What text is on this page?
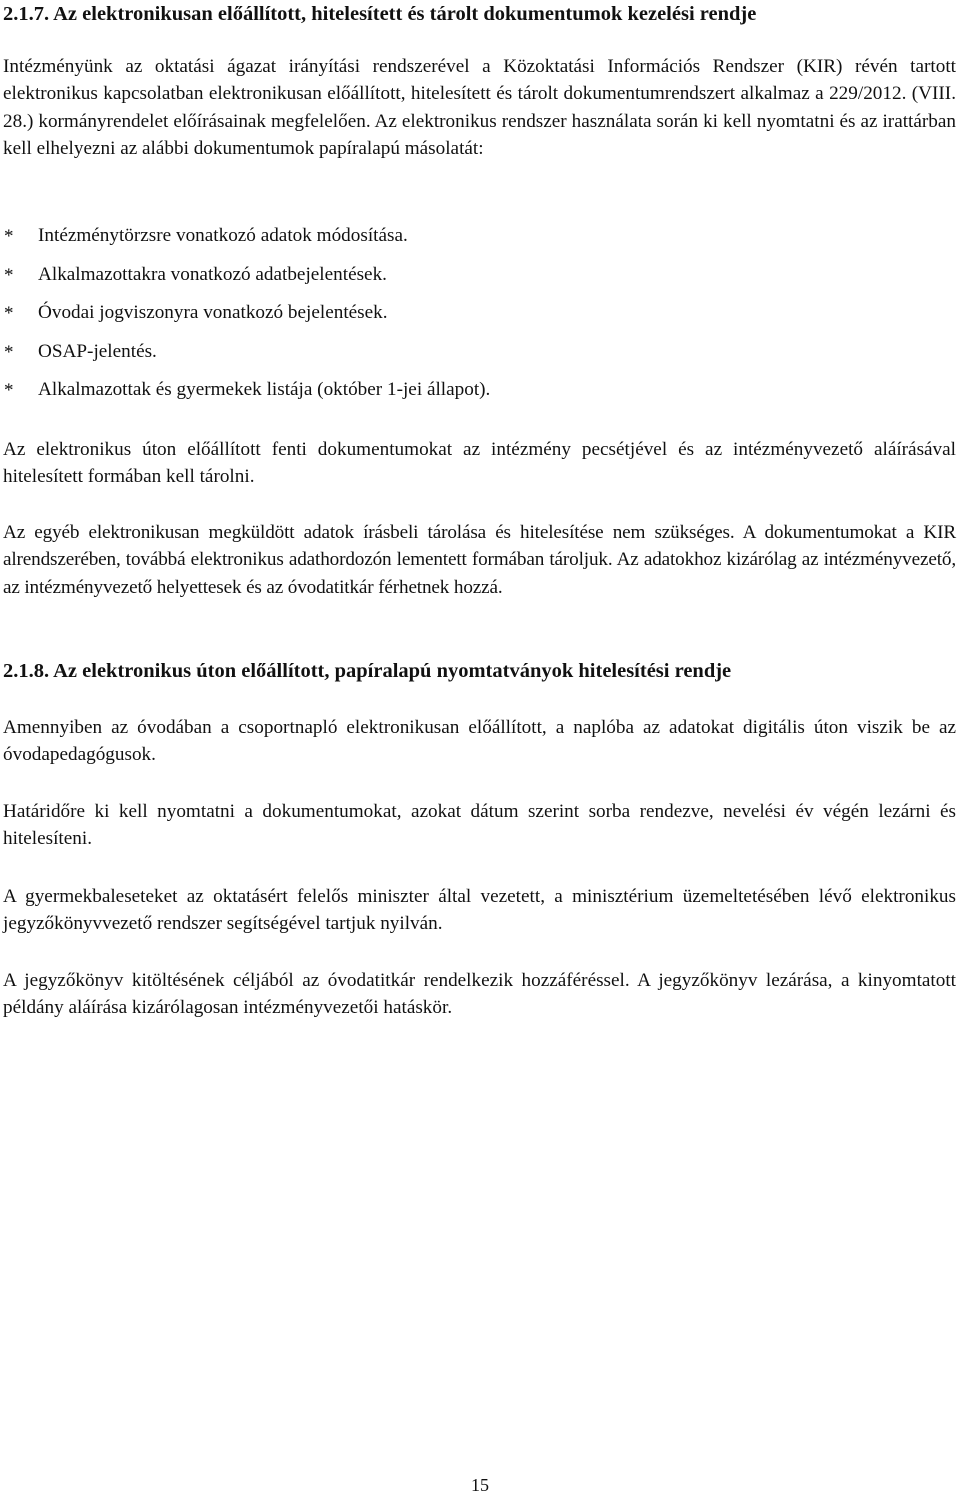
2.1.7. Az elektronikusan előállított, hitelesített és tárolt dokumentumok kezelési rendje

Intézményünk az oktatási ágazat irányítási rendszerével a Közoktatási Információs Rendszer (KIR) révén tartott elektronikus kapcsolatban elektronikusan előállított, hitelesített és tárolt dokumentumrendszert alkalmaz a 229/2012. (VIII. 28.) kormányrendelet előírásainak megfelelően. Az elektronikus rendszer használata során ki kell nyomtatni és az irattárban kell elhelyezni az alábbi dokumentumok papíralapú másolatát:

* Intézménytörzsre vonatkozó adatok módosítása.
* Alkalmazottakra vonatkozó adatbejelentések.
* Óvodai jogviszonyra vonatkozó bejelentések.
* OSAP-jelentés.
* Alkalmazottak és gyermekek listája (október 1-jei állapot).

Az elektronikus úton előállított fenti dokumentumokat az intézmény pecsétjével és az intézményvezető aláírásával hitelesített formában kell tárolni.

Az egyéb elektronikusan megküldött adatok írásbeli tárolása és hitelesítése nem szükséges. A dokumentumokat a KIR alrendszerében, továbbá elektronikus adathordozón lementett formában tároljuk. Az adatokhoz kizárólag az intézményvezető, az intézményvezető helyettesek és az óvodatitkár férhetnek hozzá.

2.1.8. Az elektronikus úton előállított, papíralapú nyomtatványok hitelesítési rendje

Amennyiben az óvodában a csoportnapló elektronikusan előállított, a naplóba az adatokat digitális úton viszik be az óvodapedagógusok.

Határidőre ki kell nyomtatni a dokumentumokat, azokat dátum szerint sorba rendezve, nevelési év végén lezárni és hitelesíteni.

A gyermekbaleseteket az oktatásért felelős miniszter által vezetett, a minisztérium üzemeltetésében lévő elektronikus jegyzőkönyvvezető rendszer segítségével tartjuk nyilván.

A jegyzőkönyv kitöltésének céljából az óvodatitkár rendelkezik hozzáféréssel. A jegyzőkönyv lezárása, a kinyomtatott példány aláírása kizárólagosan intézményvezetői hatáskör.

15
